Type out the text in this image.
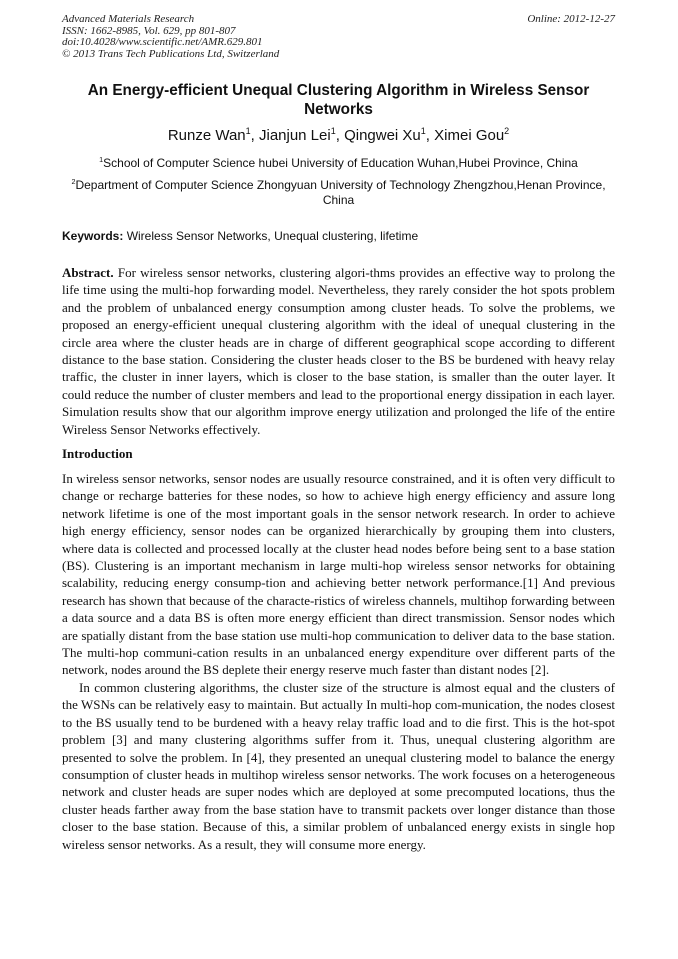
Advanced Materials Research
ISSN: 1662-8985, Vol. 629, pp 801-807
doi:10.4028/www.scientific.net/AMR.629.801
© 2013 Trans Tech Publications Ltd, Switzerland
Online: 2012-12-27
An Energy-efficient Unequal Clustering Algorithm in Wireless Sensor Networks
Runze Wan$^1$, Jianjun Lei$^1$, Qingwei Xu$^1$, Ximei Gou$^2$
$^1$School of Computer Science hubei University of Education Wuhan,Hubei Province, China
$^2$Department of Computer Science Zhongyuan University of Technology Zhengzhou,Henan Province, China
Keywords: Wireless Sensor Networks, Unequal clustering, lifetime
Abstract. For wireless sensor networks, clustering algori-thms provides an effective way to prolong the life time using the multi-hop forwarding model. Nevertheless, they rarely consider the hot spots problem and the problem of unbalanced energy consumption among cluster heads. To solve the problems, we proposed an energy-efficient unequal clustering algorithm with the ideal of unequal clustering in the circle area where the cluster heads are in charge of different geographical scope according to different distance to the base station. Considering the cluster heads closer to the BS be burdened with heavy relay traffic, the cluster in inner layers, which is closer to the base station, is smaller than the outer layer. It could reduce the number of cluster members and lead to the proportional energy dissipation in each layer. Simulation results show that our algorithm improve energy utilization and prolonged the life of the entire Wireless Sensor Networks effectively.
Introduction

In wireless sensor networks, sensor nodes are usually resource constrained, and it is often very difficult to change or recharge batteries for these nodes, so how to achieve high energy efficiency and assure long network lifetime is one of the most important goals in the sensor network research. In order to achieve high energy efficiency, sensor nodes can be organized hierarchically by grouping them into clusters, where data is collected and processed locally at the cluster head nodes before being sent to a base station (BS). Clustering is an important mechanism in large multi-hop wireless sensor networks for obtaining scalability, reducing energy consump-tion and achieving better network performance.[1] And previous research has shown that because of the characte-ristics of wireless channels, multihop forwarding between a data source and a data BS is often more energy efficient than direct transmission. Sensor nodes which are spatially distant from the base station use multi-hop communication to deliver data to the base station. The multi-hop communi-cation results in an unbalanced energy expenditure over different parts of the network, nodes around the BS deplete their energy reserve much faster than distant nodes [2].

In common clustering algorithms, the cluster size of the structure is almost equal and the clusters of the WSNs can be relatively easy to maintain. But actually In multi-hop com-munication, the nodes closest to the BS usually tend to be burdened with a heavy relay traffic load and to die first. This is the hot-spot problem [3] and many clustering algorithms suffer from it. Thus, unequal clustering algorithm are presented to solve the problem. In [4], they presented an unequal clustering model to balance the energy consumption of cluster heads in multihop wireless sensor networks. The work focuses on a heterogeneous network and cluster heads are super nodes which are deployed at some precomputed locations, thus the cluster heads farther away from the base station have to transmit packets over longer distance than those closer to the base station. Because of this, a similar problem of unbalanced energy exists in single hop wireless sensor networks. As a result, they will consume more energy.
